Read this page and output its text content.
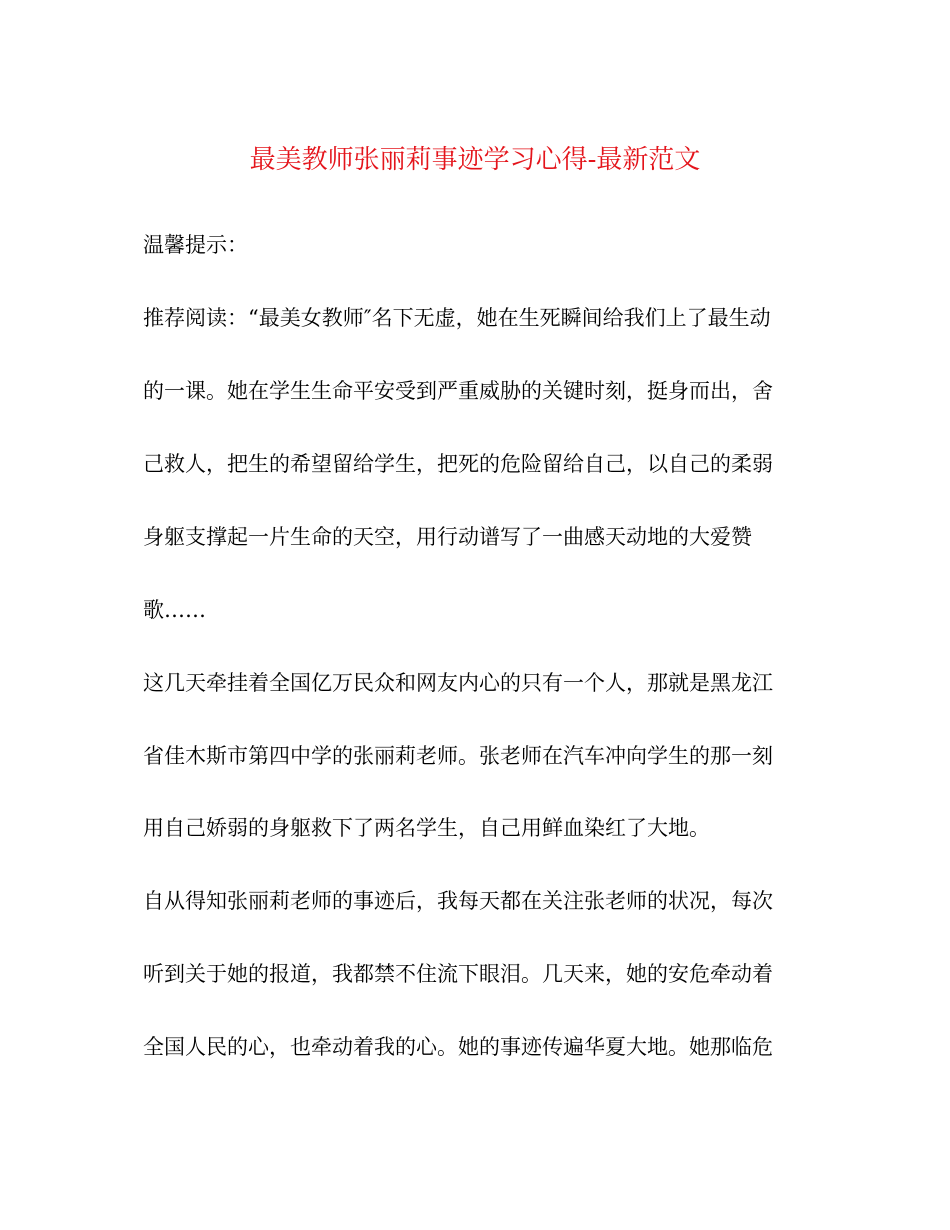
最美教师张丽莉事迹学习心得-最新范文
温馨提示：
推荐阅读：“最美女教师″名下无虚，她在生死瞬间给我们上了最生动
的一课。她在学生生命平安受到严重威胁的关键时刻，挺身而出，舍
己救人，把生的希望留给学生，把死的危险留给自己，以自己的柔弱
身躯支撑起一片生命的天空，用行动谱写了一曲感天动地的大爱赞
歌……
这几天牵挂着全国亿万民众和网友内心的只有一个人，那就是黑龙江
省佳木斯市第四中学的张丽莉老师。张老师在汽车冲向学生的那一刻
用自己娇弱的身躯救下了两名学生，自己用鲜血染红了大地。
自从得知张丽莉老师的事迹后，我每天都在关注张老师的状况，每次
听到关于她的报道，我都禁不住流下眼泪。几天来，她的安危牵动着
全国人民的心，也牵动着我的心。她的事迹传遍华夏大地。她那临危
